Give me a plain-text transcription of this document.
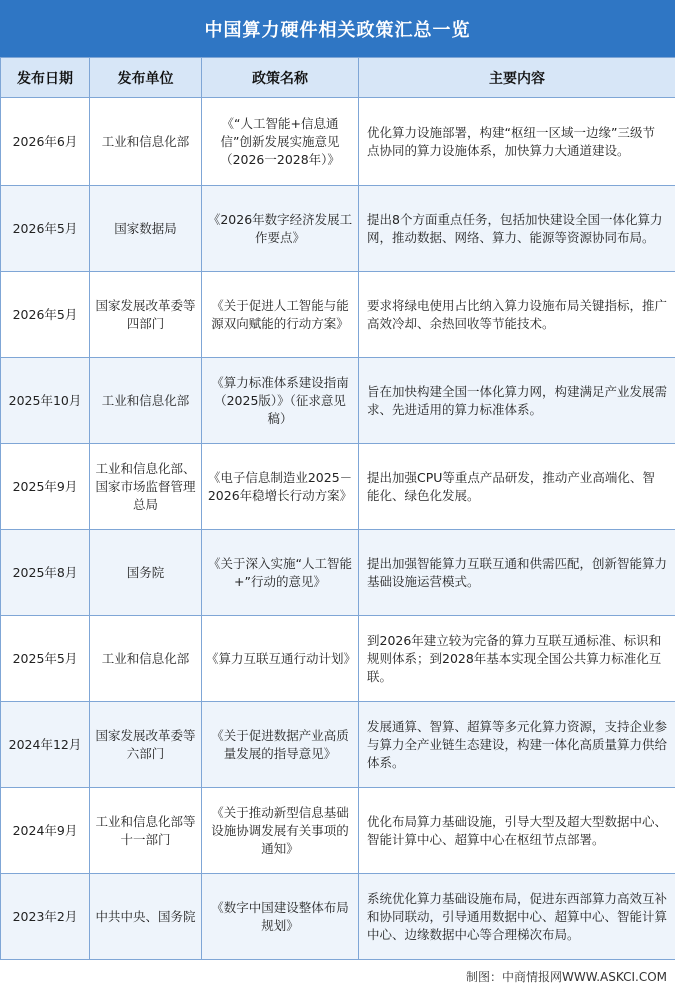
中国算力硬件相关政策汇总一览
发布日期	发布单位	政策名称	主要内容
2026年6月	工业和信息化部	《“人工智能+信息通信”创新发展实施意见（2026一2028年）》	优化算力设施部署，构建“枢纽一区域一边缘”三级节点协同的算力设施体系，加快算力大通道建设。
2026年5月	国家数据局	《2026年数字经济发展工作要点》	提出8个方面重点任务，包括加快建设全国一体化算力网，推动数据、网络、算力、能源等资源协同布局。
2026年5月	国家发展改革委等四部门	《关于促进人工智能与能源双向赋能的行动方案》	要求将绿电使用占比纳入算力设施布局关键指标，推广高效冷却、余热回收等节能技术。
2025年10月	工业和信息化部	《算力标准体系建设指南（2025版）》（征求意见稿）	旨在加快构建全国一体化算力网，构建满足产业发展需求、先进适用的算力标准体系。
2025年9月	工业和信息化部、国家市场监督管理总局	《电子信息制造业2025－2026年稳增长行动方案》	提出加强CPU等重点产品研发，推动产业高端化、智能化、绿色化发展。
2025年8月	国务院	《关于深入实施“人工智能+”行动的意见》	提出加强智能算力互联互通和供需匹配，创新智能算力基础设施运营模式。
2025年5月	工业和信息化部	《算力互联互通行动计划》	到2026年建立较为完备的算力互联互通标准、标识和规则体系；到2028年基本实现全国公共算力标准化互联。
2024年12月	国家发展改革委等六部门	《关于促进数据产业高质量发展的指导意见》	发展通算、智算、超算等多元化算力资源，支持企业参与算力全产业链生态建设，构建一体化高质量算力供给体系。
2024年9月	工业和信息化部等十一部门	《关于推动新型信息基础设施协调发展有关事项的通知》	优化布局算力基础设施，引导大型及超大型数据中心、智能计算中心、超算中心在枢纽节点部署。
2023年2月	中共中央、国务院	《数字中国建设整体布局规划》	系统优化算力基础设施布局，促进东西部算力高效互补和协同联动，引导通用数据中心、超算中心、智能计算中心、边缘数据中心等合理梯次布局。
制图：中商情报网WWW.ASKCI.COM
